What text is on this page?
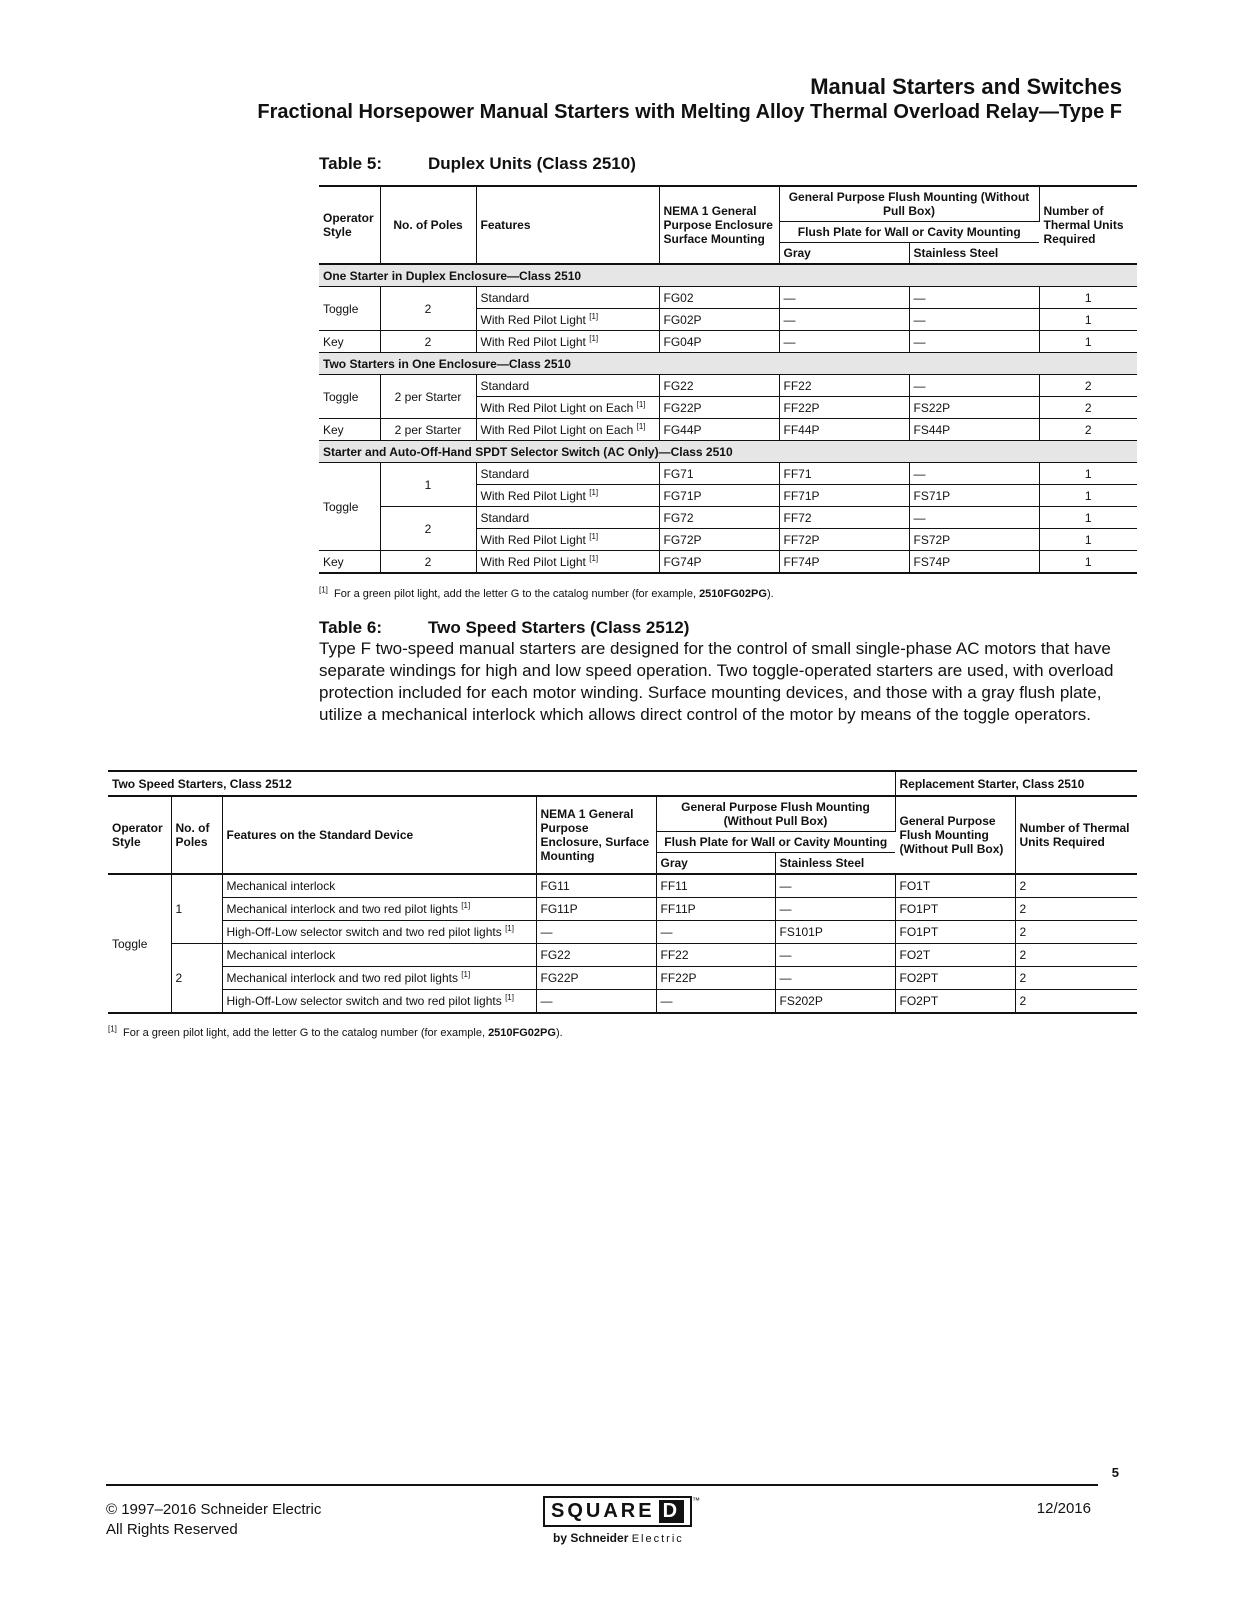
Manual Starters and Switches
Fractional Horsepower Manual Starters with Melting Alloy Thermal Overload Relay—Type F
Table 5:	Duplex Units (Class 2510)
Operator Style	No. of Poles	Features	NEMA 1 General Purpose Enclosure Surface Mounting	General Purpose Flush Mounting (Without Pull Box)		Number of Thermal Units Required
				Flush Plate for Wall or Cavity Mounting		
				Gray	Stainless Steel	
One Starter in Duplex Enclosure—Class 2510						
Toggle	2	Standard	FG02	—	—	1
		With Red Pilot Light [1]	FG02P	—	—	1
Key	2	With Red Pilot Light [1]	FG04P	—	—	1
Two Starters in One Enclosure—Class 2510						
Toggle	2 per Starter	Standard	FG22	FF22	—	2
		With Red Pilot Light on Each [1]	FG22P	FF22P	FS22P	2
Key	2 per Starter	With Red Pilot Light on Each [1]	FG44P	FF44P	FS44P	2
Starter and Auto-Off-Hand SPDT Selector Switch (AC Only)—Class 2510						
Toggle	1	Standard	FG71	FF71	—	1
		With Red Pilot Light [1]	FG71P	FF71P	FS71P	1
	2	Standard	FG72	FF72	—	1
		With Red Pilot Light [1]	FG72P	FF72P	FS72P	1
Key	2	With Red Pilot Light [1]	FG74P	FF74P	FS74P	1
[1] For a green pilot light, add the letter G to the catalog number (for example, 2510FG02PG).
Table 6:	Two Speed Starters (Class 2512)
Type F two-speed manual starters are designed for the control of small single-phase AC motors that have separate windings for high and low speed operation. Two toggle-operated starters are used, with overload protection included for each motor winding. Surface mounting devices, and those with a gray flush plate, utilize a mechanical interlock which allows direct control of the motor by means of the toggle operators.
Two Speed Starters, Class 2512						Replacement Starter, Class 2510	
Operator Style	No. of Poles	Features on the Standard Device	NEMA 1 General Purpose Enclosure, Surface Mounting	General Purpose Flush Mounting (Without Pull Box)		General Purpose Flush Mounting (Without Pull Box)	Number of Thermal Units Required
				Flush Plate for Wall or Cavity Mounting			
				Gray	Stainless Steel		
Toggle	1	Mechanical interlock	FG11	FF11	—	FO1T	2
		Mechanical interlock and two red pilot lights [1]	FG11P	FF11P	—	FO1PT	2
		High-Off-Low selector switch and two red pilot lights [1]	—	—	FS101P	FO1PT	2
	2	Mechanical interlock	FG22	FF22	—	FO2T	2
		Mechanical interlock and two red pilot lights [1]	FG22P	FF22P	—	FO2PT	2
		High-Off-Low selector switch and two red pilot lights [1]	—	—	FS202P	FO2PT	2
[1] For a green pilot light, add the letter G to the catalog number (for example, 2510FG02PG).
5
© 1997–2016 Schneider Electric
All Rights Reserved
SQUARE D ™
by Schneider Electric
12/2016
